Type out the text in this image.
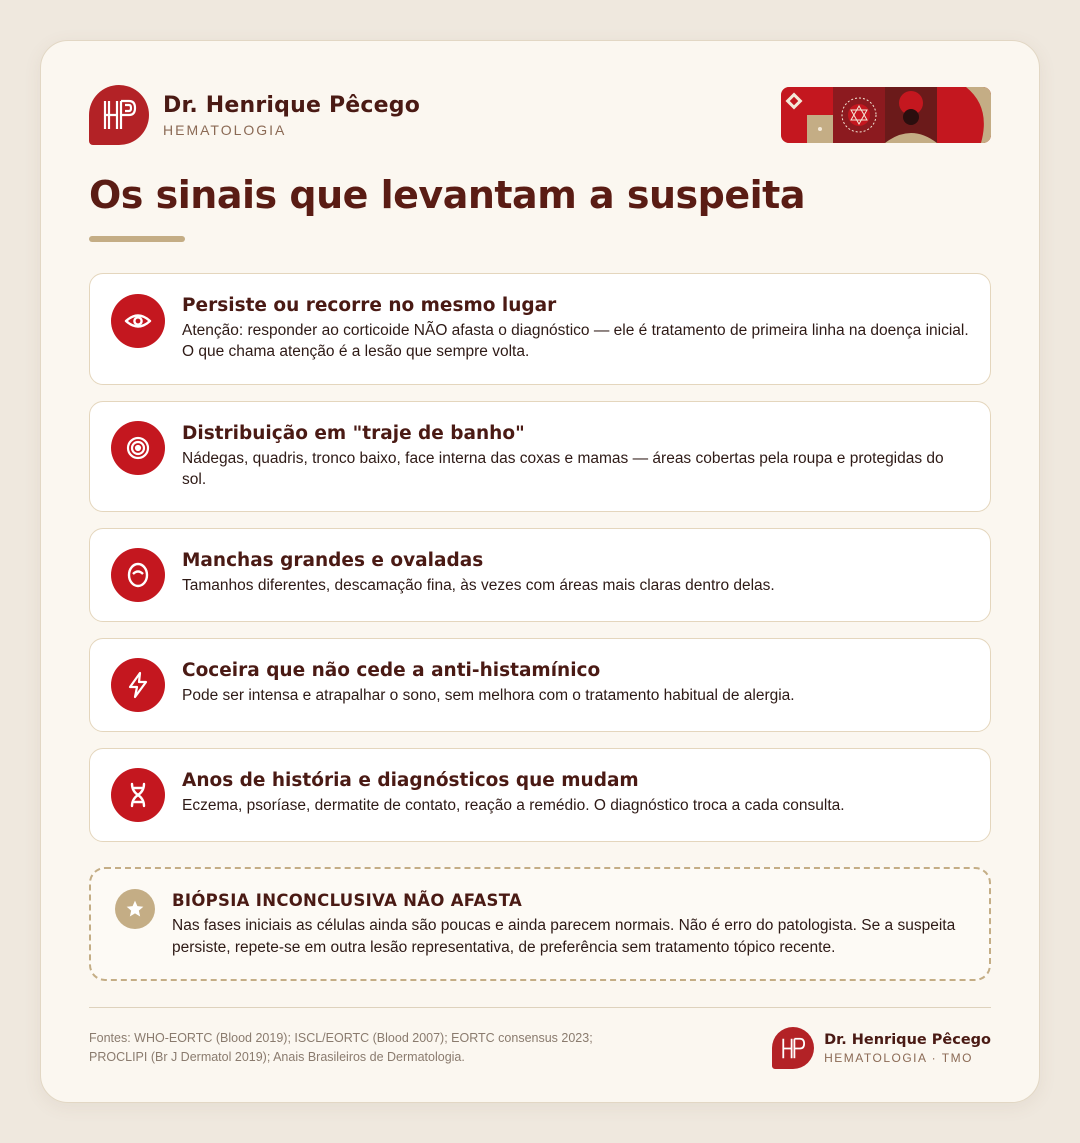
Dr. Henrique Pêcego
HEMATOLOGIA
Os sinais que levantam a suspeita
Persiste ou recorre no mesmo lugar
Atenção: responder ao corticoide NÃO afasta o diagnóstico — ele é tratamento de primeira linha na doença inicial. O que chama atenção é a lesão que sempre volta.
Distribuição em "traje de banho"
Nádegas, quadris, tronco baixo, face interna das coxas e mamas — áreas cobertas pela roupa e protegidas do sol.
Manchas grandes e ovaladas
Tamanhos diferentes, descamação fina, às vezes com áreas mais claras dentro delas.
Coceira que não cede a anti-histamínico
Pode ser intensa e atrapalhar o sono, sem melhora com o tratamento habitual de alergia.
Anos de história e diagnósticos que mudam
Eczema, psoríase, dermatite de contato, reação a remédio. O diagnóstico troca a cada consulta.
BIÓPSIA INCONCLUSIVA NÃO AFASTA
Nas fases iniciais as células ainda são poucas e ainda parecem normais. Não é erro do patologista. Se a suspeita persiste, repete-se em outra lesão representativa, de preferência sem tratamento tópico recente.
Fontes: WHO-EORTC (Blood 2019); ISCL/EORTC (Blood 2007); EORTC consensus 2023; PROCLIPI (Br J Dermatol 2019); Anais Brasileiros de Dermatologia.
Dr. Henrique Pêcego
HEMATOLOGIA · TMO
